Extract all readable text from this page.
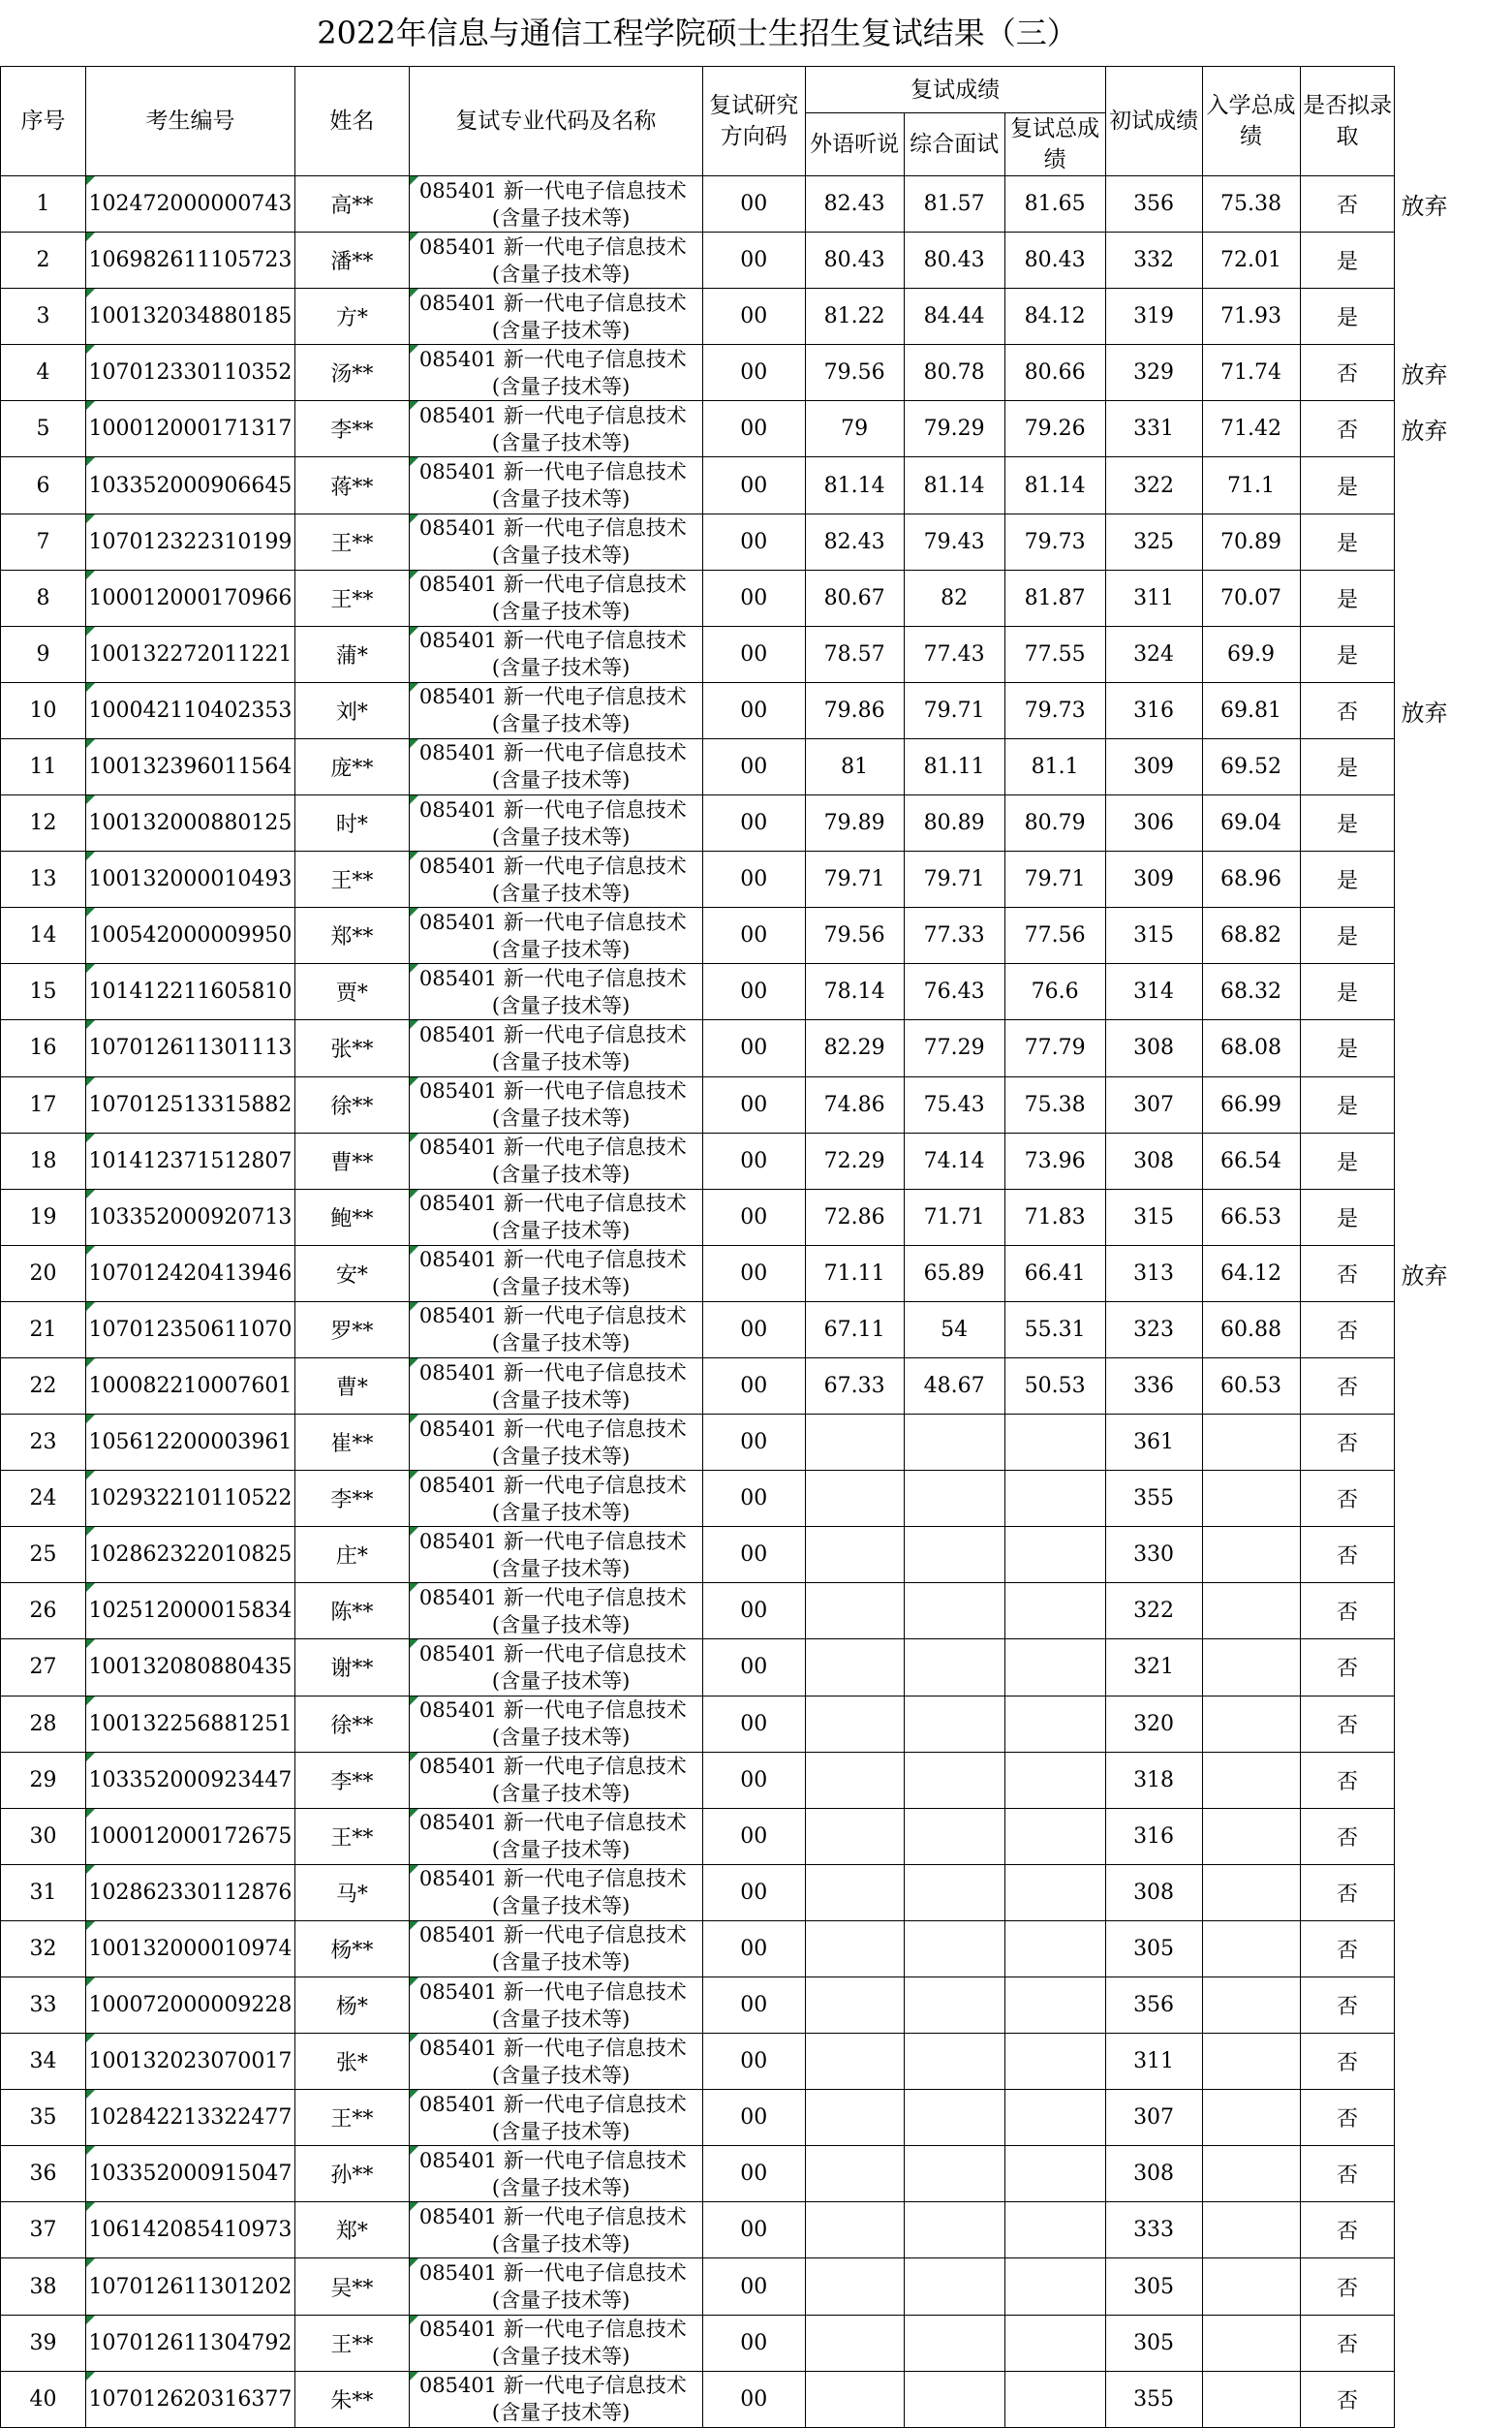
2022年信息与通信工程学院硕士生招生复试结果（三）
序号	考生编号	姓名	复试专业代码及名称	复试研究方向码	复试成绩			初试成绩	入学总成绩	是否拟录取	
					外语听说	综合面试	复试总成绩				
1	102472000000743	高**	085401 新一代电子信息技术
(含量子技术等)	00	82.43	81.57	81.65	356	75.38	否	放弃
2	106982611105723	潘**	085401 新一代电子信息技术
(含量子技术等)	00	80.43	80.43	80.43	332	72.01	是	
3	100132034880185	方*	085401 新一代电子信息技术
(含量子技术等)	00	81.22	84.44	84.12	319	71.93	是	
4	107012330110352	汤**	085401 新一代电子信息技术
(含量子技术等)	00	79.56	80.78	80.66	329	71.74	否	放弃
5	100012000171317	李**	085401 新一代电子信息技术
(含量子技术等)	00	79	79.29	79.26	331	71.42	否	放弃
6	103352000906645	蒋**	085401 新一代电子信息技术
(含量子技术等)	00	81.14	81.14	81.14	322	71.1	是	
7	107012322310199	王**	085401 新一代电子信息技术
(含量子技术等)	00	82.43	79.43	79.73	325	70.89	是	
8	100012000170966	王**	085401 新一代电子信息技术
(含量子技术等)	00	80.67	82	81.87	311	70.07	是	
9	100132272011221	蒲*	085401 新一代电子信息技术
(含量子技术等)	00	78.57	77.43	77.55	324	69.9	是	
10	100042110402353	刘*	085401 新一代电子信息技术
(含量子技术等)	00	79.86	79.71	79.73	316	69.81	否	放弃
11	100132396011564	庞**	085401 新一代电子信息技术
(含量子技术等)	00	81	81.11	81.1	309	69.52	是	
12	100132000880125	时*	085401 新一代电子信息技术
(含量子技术等)	00	79.89	80.89	80.79	306	69.04	是	
13	100132000010493	王**	085401 新一代电子信息技术
(含量子技术等)	00	79.71	79.71	79.71	309	68.96	是	
14	100542000009950	郑**	085401 新一代电子信息技术
(含量子技术等)	00	79.56	77.33	77.56	315	68.82	是	
15	101412211605810	贾*	085401 新一代电子信息技术
(含量子技术等)	00	78.14	76.43	76.6	314	68.32	是	
16	107012611301113	张**	085401 新一代电子信息技术
(含量子技术等)	00	82.29	77.29	77.79	308	68.08	是	
17	107012513315882	徐**	085401 新一代电子信息技术
(含量子技术等)	00	74.86	75.43	75.38	307	66.99	是	
18	101412371512807	曹**	085401 新一代电子信息技术
(含量子技术等)	00	72.29	74.14	73.96	308	66.54	是	
19	103352000920713	鲍**	085401 新一代电子信息技术
(含量子技术等)	00	72.86	71.71	71.83	315	66.53	是	
20	107012420413946	安*	085401 新一代电子信息技术
(含量子技术等)	00	71.11	65.89	66.41	313	64.12	否	放弃
21	107012350611070	罗**	085401 新一代电子信息技术
(含量子技术等)	00	67.11	54	55.31	323	60.88	否	
22	100082210007601	曹*	085401 新一代电子信息技术
(含量子技术等)	00	67.33	48.67	50.53	336	60.53	否	
23	105612200003961	崔**	085401 新一代电子信息技术
(含量子技术等)	00				361		否	
24	102932210110522	李**	085401 新一代电子信息技术
(含量子技术等)	00				355		否	
25	102862322010825	庄*	085401 新一代电子信息技术
(含量子技术等)	00				330		否	
26	102512000015834	陈**	085401 新一代电子信息技术
(含量子技术等)	00				322		否	
27	100132080880435	谢**	085401 新一代电子信息技术
(含量子技术等)	00				321		否	
28	100132256881251	徐**	085401 新一代电子信息技术
(含量子技术等)	00				320		否	
29	103352000923447	李**	085401 新一代电子信息技术
(含量子技术等)	00				318		否	
30	100012000172675	王**	085401 新一代电子信息技术
(含量子技术等)	00				316		否	
31	102862330112876	马*	085401 新一代电子信息技术
(含量子技术等)	00				308		否	
32	100132000010974	杨**	085401 新一代电子信息技术
(含量子技术等)	00				305		否	
33	100072000009228	杨*	085401 新一代电子信息技术
(含量子技术等)	00				356		否	
34	100132023070017	张*	085401 新一代电子信息技术
(含量子技术等)	00				311		否	
35	102842213322477	王**	085401 新一代电子信息技术
(含量子技术等)	00				307		否	
36	103352000915047	孙**	085401 新一代电子信息技术
(含量子技术等)	00				308		否	
37	106142085410973	郑*	085401 新一代电子信息技术
(含量子技术等)	00				333		否	
38	107012611301202	吴**	085401 新一代电子信息技术
(含量子技术等)	00				305		否	
39	107012611304792	王**	085401 新一代电子信息技术
(含量子技术等)	00				305		否	
40	107012620316377	朱**	085401 新一代电子信息技术
(含量子技术等)	00				355		否	
